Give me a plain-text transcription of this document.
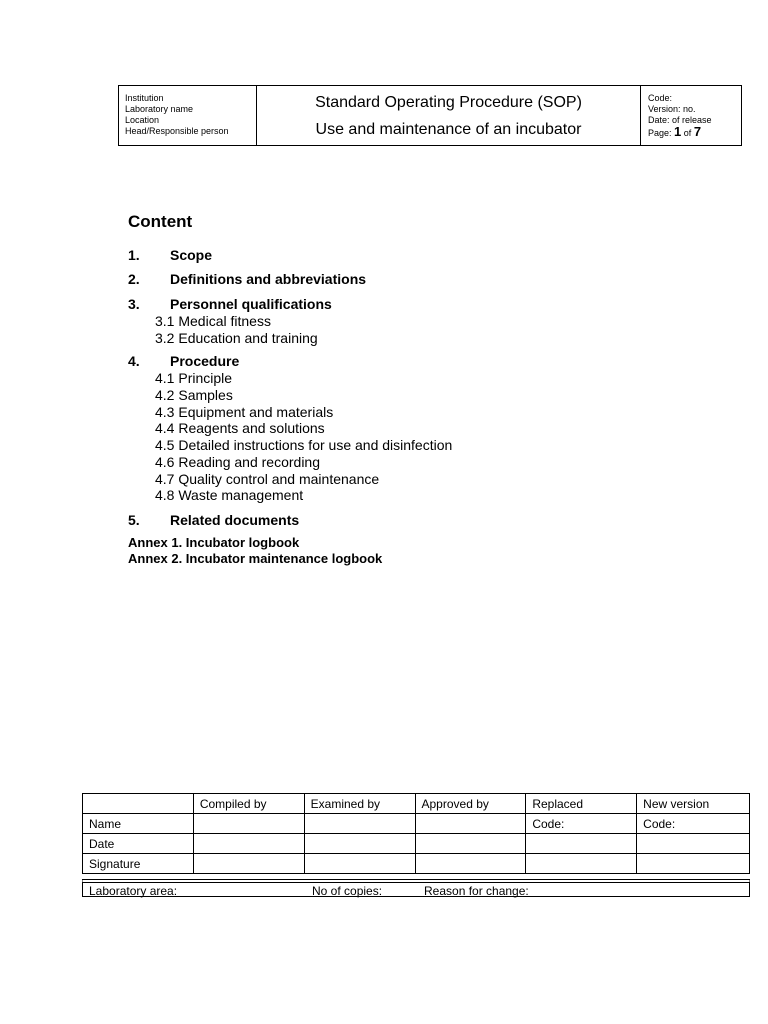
Institution
Laboratory name
Location
Head/Responsible person
Standard Operating Procedure (SOP)
Use and maintenance of an incubator
Code:
Version: no.
Date: of release
Page: 1 of 7
Content
1.	Scope
2.	Definitions and abbreviations
3.	Personnel qualifications
3.1 Medical fitness
3.2 Education and training
4.	Procedure
4.1 Principle
4.2 Samples
4.3 Equipment and materials
4.4 Reagents and solutions
4.5 Detailed instructions for use and disinfection
4.6 Reading and recording
4.7 Quality control and maintenance
4.8 Waste management
5.	Related documents
Annex 1. Incubator logbook
Annex 2. Incubator maintenance logbook
	Compiled by	Examined by	Approved by	Replaced	New version
Name				Code:	Code:
Date					
Signature					
Laboratory area:	No of copies:	Reason for change:
